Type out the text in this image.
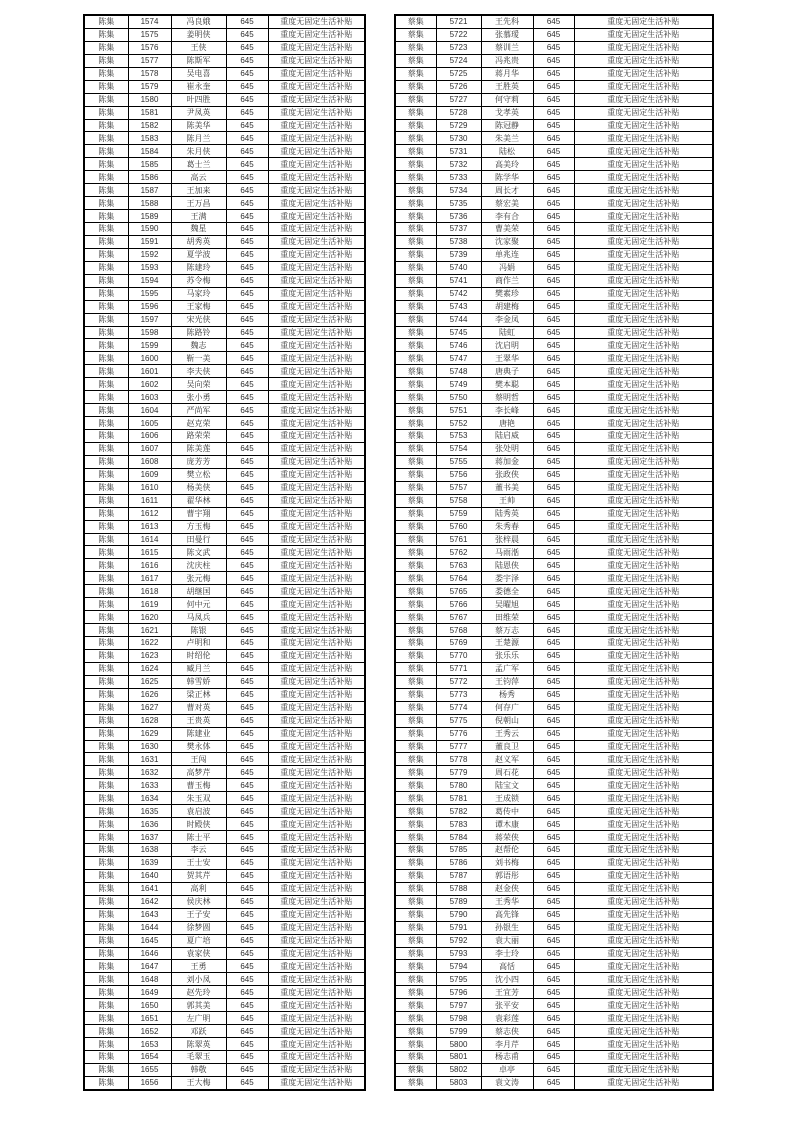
陈集	1574	冯良娥	645	重度无固定生活补贴
陈集	1575	姜明侠	645	重度无固定生活补贴
陈集	1576	王侠	645	重度无固定生活补贴
陈集	1577	陈斯军	645	重度无固定生活补贴
陈集	1578	吴电喜	645	重度无固定生活补贴
陈集	1579	崔永奎	645	重度无固定生活补贴
陈集	1580	叶四胜	645	重度无固定生活补贴
陈集	1581	尹凤英	645	重度无固定生活补贴
陈集	1582	陈美华	645	重度无固定生活补贴
陈集	1583	陈月兰	645	重度无固定生活补贴
陈集	1584	朱月侠	645	重度无固定生活补贴
陈集	1585	葛士兰	645	重度无固定生活补贴
陈集	1586	高云	645	重度无固定生活补贴
陈集	1587	王加来	645	重度无固定生活补贴
陈集	1588	王万昌	645	重度无固定生活补贴
陈集	1589	王满	645	重度无固定生活补贴
陈集	1590	魏星	645	重度无固定生活补贴
陈集	1591	胡秀英	645	重度无固定生活补贴
陈集	1592	夏学波	645	重度无固定生活补贴
陈集	1593	陈建玲	645	重度无固定生活补贴
陈集	1594	苏令梅	645	重度无固定生活补贴
陈集	1595	马家玲	645	重度无固定生活补贴
陈集	1596	王家梅	645	重度无固定生活补贴
陈集	1597	宋光侠	645	重度无固定生活补贴
陈集	1598	陈路铃	645	重度无固定生活补贴
陈集	1599	魏志	645	重度无固定生活补贴
陈集	1600	靳一美	645	重度无固定生活补贴
陈集	1601	李夫侠	645	重度无固定生活补贴
陈集	1602	吴向荣	645	重度无固定生活补贴
陈集	1603	张小勇	645	重度无固定生活补贴
陈集	1604	严尚军	645	重度无固定生活补贴
陈集	1605	赵克荣	645	重度无固定生活补贴
陈集	1606	路荣荣	645	重度无固定生活补贴
陈集	1607	陈美莲	645	重度无固定生活补贴
陈集	1608	庞芳芳	645	重度无固定生活补贴
陈集	1609	樊立松	645	重度无固定生活补贴
陈集	1610	杨美侠	645	重度无固定生活补贴
陈集	1611	翟华林	645	重度无固定生活补贴
陈集	1612	曹宇翔	645	重度无固定生活补贴
陈集	1613	方玉梅	645	重度无固定生活补贴
陈集	1614	田曼行	645	重度无固定生活补贴
陈集	1615	陈文武	645	重度无固定生活补贴
陈集	1616	沈庆柱	645	重度无固定生活补贴
陈集	1617	张元梅	645	重度无固定生活补贴
陈集	1618	胡继国	645	重度无固定生活补贴
陈集	1619	何中元	645	重度无固定生活补贴
陈集	1620	马凤兵	645	重度无固定生活补贴
陈集	1621	陈银	645	重度无固定生活补贴
陈集	1622	卢明和	645	重度无固定生活补贴
陈集	1623	时绍伦	645	重度无固定生活补贴
陈集	1624	臧月兰	645	重度无固定生活补贴
陈集	1625	韩雪娇	645	重度无固定生活补贴
陈集	1626	梁正林	645	重度无固定生活补贴
陈集	1627	曹对英	645	重度无固定生活补贴
陈集	1628	王贵英	645	重度无固定生活补贴
陈集	1629	陈建业	645	重度无固定生活补贴
陈集	1630	樊永体	645	重度无固定生活补贴
陈集	1631	王闯	645	重度无固定生活补贴
陈集	1632	高梦芹	645	重度无固定生活补贴
陈集	1633	曹玉梅	645	重度无固定生活补贴
陈集	1634	朱玉双	645	重度无固定生活补贴
陈集	1635	袁启波	645	重度无固定生活补贴
陈集	1636	时殿侠	645	重度无固定生活补贴
陈集	1637	陈士平	645	重度无固定生活补贴
陈集	1638	李云	645	重度无固定生活补贴
陈集	1639	王士安	645	重度无固定生活补贴
陈集	1640	贺其芹	645	重度无固定生活补贴
陈集	1641	高利	645	重度无固定生活补贴
陈集	1642	侯庆林	645	重度无固定生活补贴
陈集	1643	王子安	645	重度无固定生活补贴
陈集	1644	徐梦圆	645	重度无固定生活补贴
陈集	1645	夏广培	645	重度无固定生活补贴
陈集	1646	袁家侠	645	重度无固定生活补贴
陈集	1647	王勇	645	重度无固定生活补贴
陈集	1648	刘小凤	645	重度无固定生活补贴
陈集	1649	赵先玲	645	重度无固定生活补贴
陈集	1650	郭其美	645	重度无固定生活补贴
陈集	1651	左广明	645	重度无固定生活补贴
陈集	1652	邓跃	645	重度无固定生活补贴
陈集	1653	陈翠英	645	重度无固定生活补贴
陈集	1654	毛翠玉	645	重度无固定生活补贴
陈集	1655	韩敬	645	重度无固定生活补贴
陈集	1656	王大梅	645	重度无固定生活补贴
蔡集	5721	王先科	645	重度无固定生活补贴
蔡集	5722	张慕瑷	645	重度无固定生活补贴
蔡集	5723	蔡训兰	645	重度无固定生活补贴
蔡集	5724	冯兆贵	645	重度无固定生活补贴
蔡集	5725	蒋月华	645	重度无固定生活补贴
蔡集	5726	王胜英	645	重度无固定生活补贴
蔡集	5727	何守莉	645	重度无固定生活补贴
蔡集	5728	戈孝英	645	重度无固定生活补贴
蔡集	5729	陈冠静	645	重度无固定生活补贴
蔡集	5730	朱美兰	645	重度无固定生活补贴
蔡集	5731	陆松	645	重度无固定生活补贴
蔡集	5732	高美玲	645	重度无固定生活补贴
蔡集	5733	陈学华	645	重度无固定生活补贴
蔡集	5734	周长才	645	重度无固定生活补贴
蔡集	5735	蔡宏美	645	重度无固定生活补贴
蔡集	5736	李有合	645	重度无固定生活补贴
蔡集	5737	曹美荣	645	重度无固定生活补贴
蔡集	5738	沈家聚	645	重度无固定生活补贴
蔡集	5739	单兆连	645	重度无固定生活补贴
蔡集	5740	冯娟	645	重度无固定生活补贴
蔡集	5741	商作兰	645	重度无固定生活补贴
蔡集	5742	樊素珍	645	重度无固定生活补贴
蔡集	5743	胡建梅	645	重度无固定生活补贴
蔡集	5744	李金凤	645	重度无固定生活补贴
蔡集	5745	陆虹	645	重度无固定生活补贴
蔡集	5746	沈启明	645	重度无固定生活补贴
蔡集	5747	王翠华	645	重度无固定生活补贴
蔡集	5748	唐典子	645	重度无固定生活补贴
蔡集	5749	樊本聪	645	重度无固定生活补贴
蔡集	5750	蔡明哲	645	重度无固定生活补贴
蔡集	5751	李长峰	645	重度无固定生活补贴
蔡集	5752	唐艳	645	重度无固定生活补贴
蔡集	5753	陆启威	645	重度无固定生活补贴
蔡集	5754	张处明	645	重度无固定生活补贴
蔡集	5755	蒋加金	645	重度无固定生活补贴
蔡集	5756	张政侠	645	重度无固定生活补贴
蔡集	5757	董书美	645	重度无固定生活补贴
蔡集	5758	王帅	645	重度无固定生活补贴
蔡集	5759	陆秀英	645	重度无固定生活补贴
蔡集	5760	朱秀春	645	重度无固定生活补贴
蔡集	5761	张梓晨	645	重度无固定生活补贴
蔡集	5762	马雨湉	645	重度无固定生活补贴
蔡集	5763	陆恩侠	645	重度无固定生活补贴
蔡集	5764	娄宇泽	645	重度无固定生活补贴
蔡集	5765	娄德全	645	重度无固定生活补贴
蔡集	5766	吴曜旭	645	重度无固定生活补贴
蔡集	5767	田维荣	645	重度无固定生活补贴
蔡集	5768	蔡万志	645	重度无固定生活补贴
蔡集	5769	王楚源	645	重度无固定生活补贴
蔡集	5770	张乐乐	645	重度无固定生活补贴
蔡集	5771	孟广军	645	重度无固定生活补贴
蔡集	5772	王钧萍	645	重度无固定生活补贴
蔡集	5773	杨秀	645	重度无固定生活补贴
蔡集	5774	何存广	645	重度无固定生活补贴
蔡集	5775	倪朝山	645	重度无固定生活补贴
蔡集	5776	王秀云	645	重度无固定生活补贴
蔡集	5777	董良卫	645	重度无固定生活补贴
蔡集	5778	赵义军	645	重度无固定生活补贴
蔡集	5779	周石花	645	重度无固定生活补贴
蔡集	5780	陆宝文	645	重度无固定生活补贴
蔡集	5781	王成锁	645	重度无固定生活补贴
蔡集	5782	葛传中	645	重度无固定生活补贴
蔡集	5783	谭木康	645	重度无固定生活补贴
蔡集	5784	蒋荣侠	645	重度无固定生活补贴
蔡集	5785	赵帮伦	645	重度无固定生活补贴
蔡集	5786	刘书梅	645	重度无固定生活补贴
蔡集	5787	郭语彤	645	重度无固定生活补贴
蔡集	5788	赵金侠	645	重度无固定生活补贴
蔡集	5789	王秀华	645	重度无固定生活补贴
蔡集	5790	高先锋	645	重度无固定生活补贴
蔡集	5791	孙银生	645	重度无固定生活补贴
蔡集	5792	袁大丽	645	重度无固定生活补贴
蔡集	5793	李士玲	645	重度无固定生活补贴
蔡集	5794	高恬	645	重度无固定生活补贴
蔡集	5795	沈小四	645	重度无固定生活补贴
蔡集	5796	王宜芳	645	重度无固定生活补贴
蔡集	5797	张平安	645	重度无固定生活补贴
蔡集	5798	袁彩莲	645	重度无固定生活补贴
蔡集	5799	蔡志侠	645	重度无固定生活补贴
蔡集	5800	李月芹	645	重度无固定生活补贴
蔡集	5801	杨志甫	645	重度无固定生活补贴
蔡集	5802	卓亭	645	重度无固定生活补贴
蔡集	5803	袁文涛	645	重度无固定生活补贴
